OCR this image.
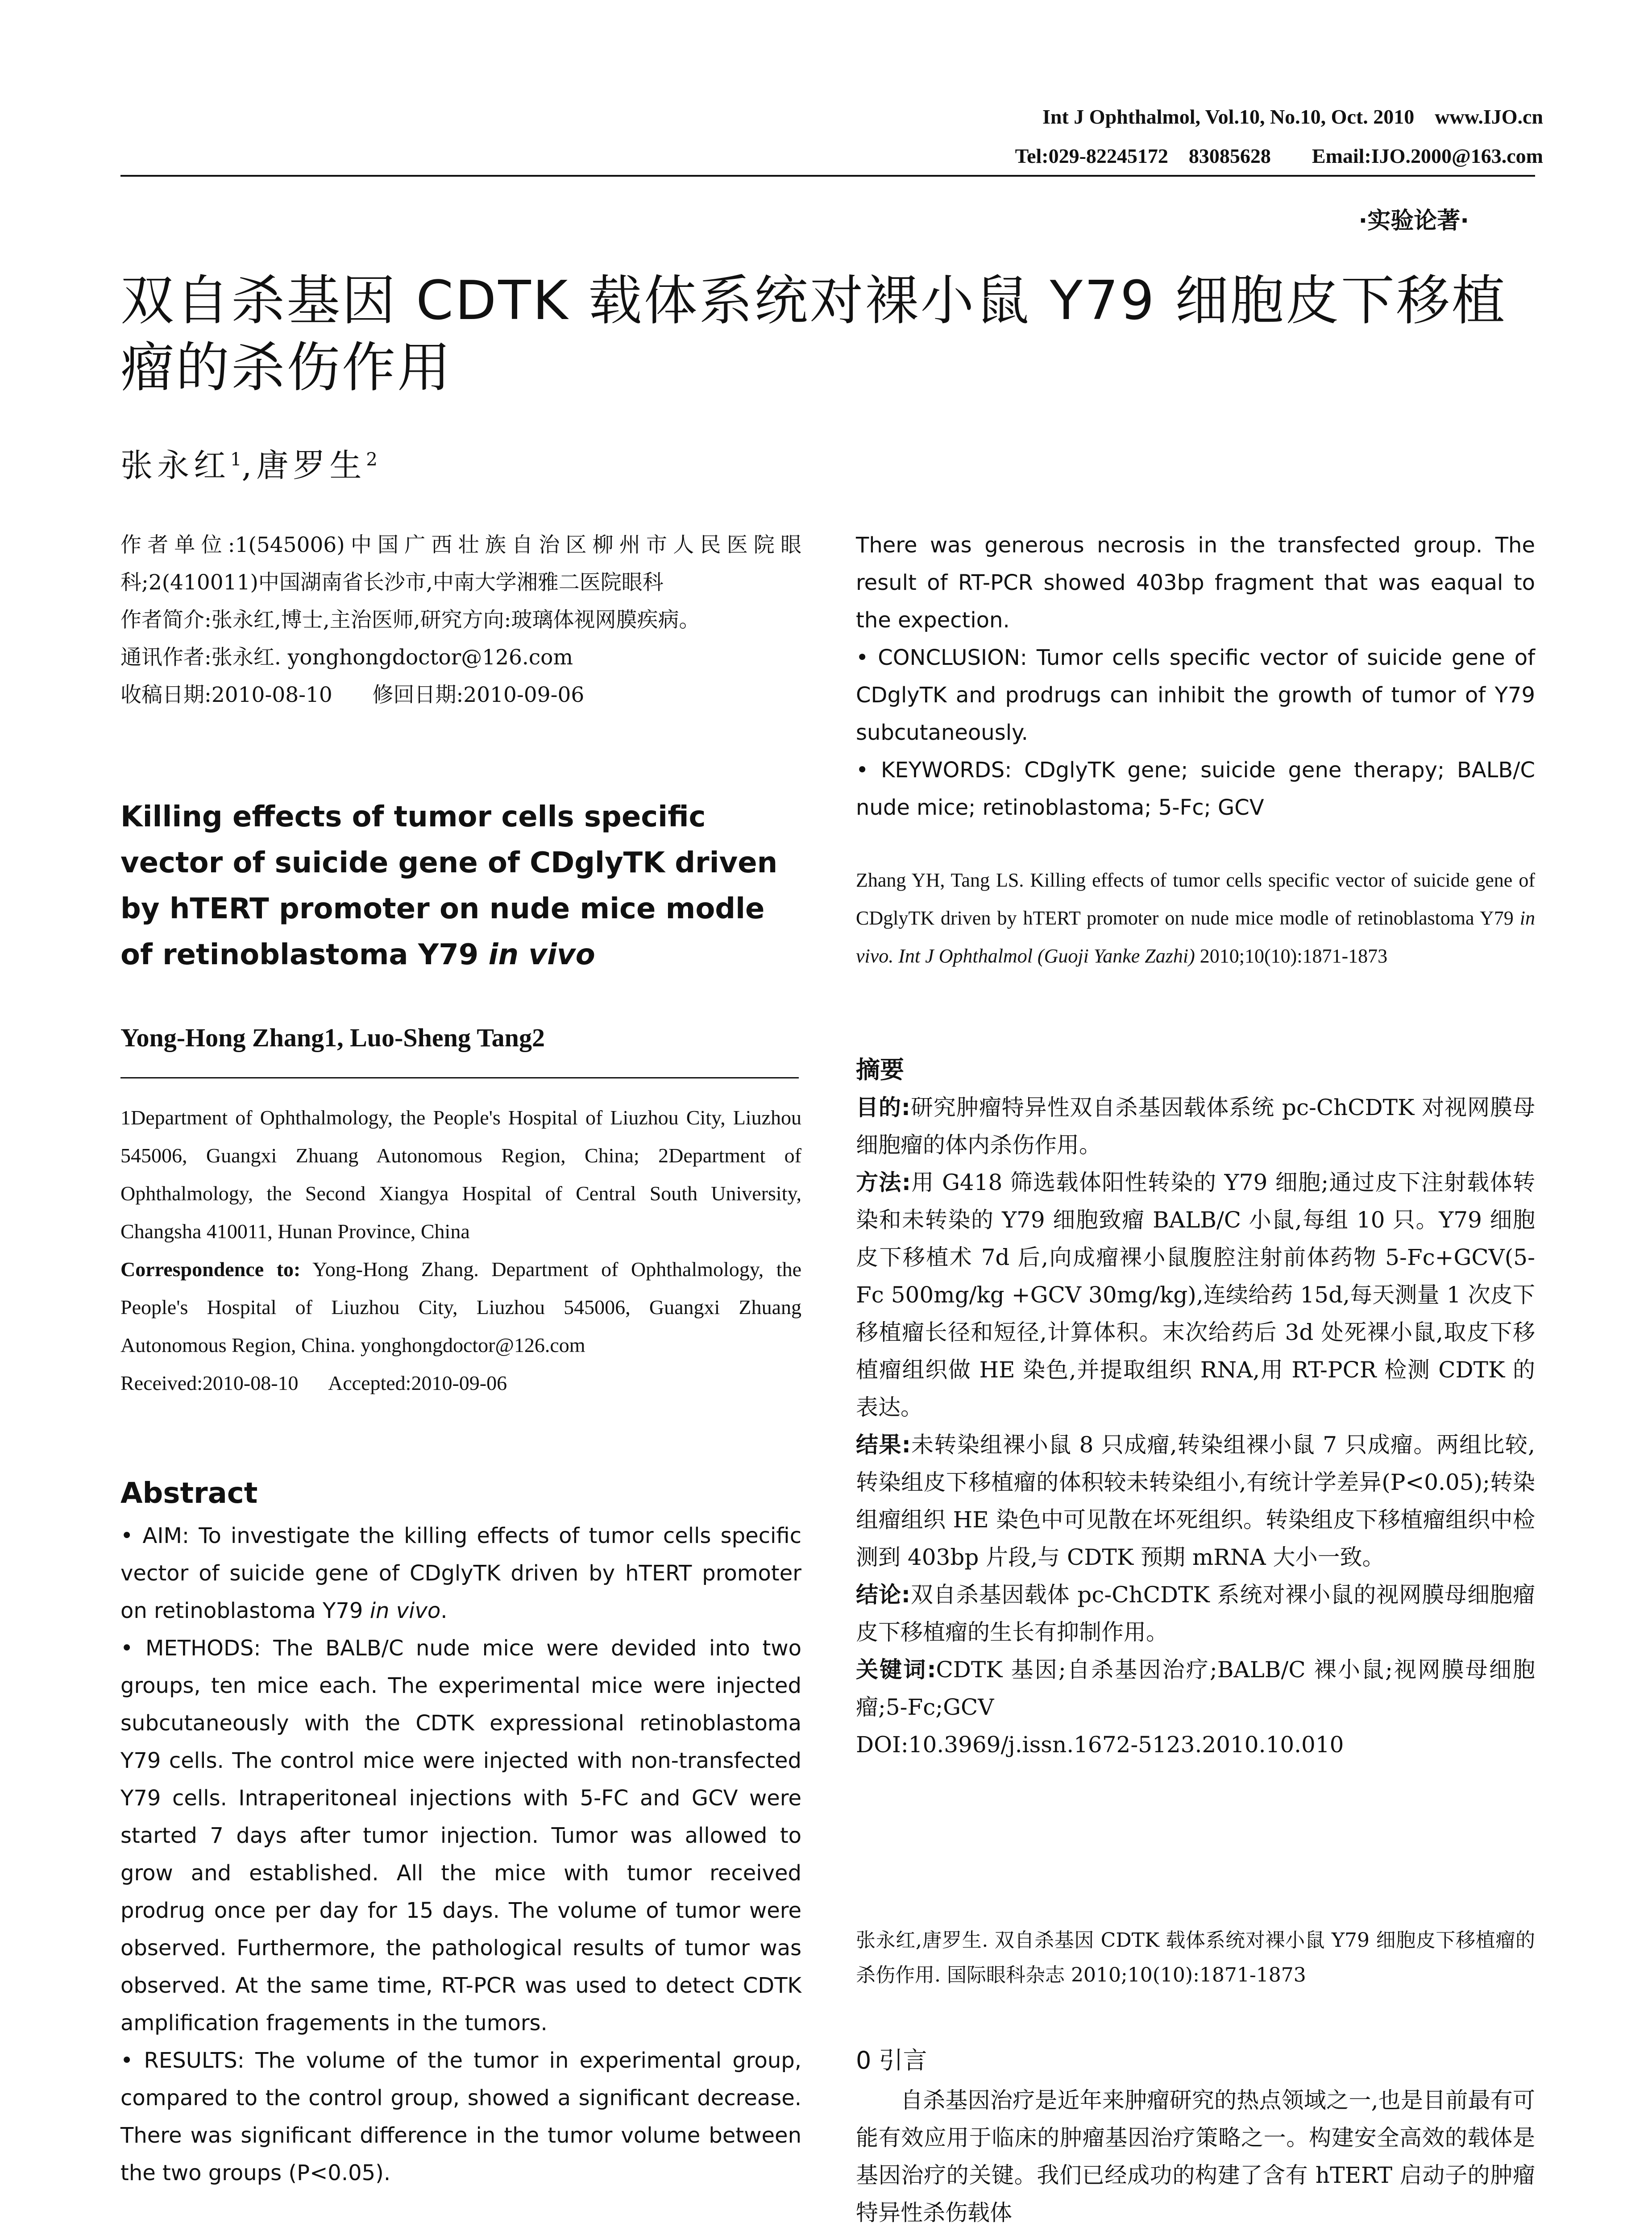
Int J Ophthalmol, Vol.10, No.10, Oct. 2010    www.IJO.cn
Tel:029-82245172    83085628        Email:IJO.2000@163.com
·实验论著·
双自杀基因 CDTK 载体系统对裸小鼠 Y79 细胞皮下移植瘤的杀伤作用
张永红$^1$,唐罗生$^2$

作者单位:1(545006)中国广西壮族自治区柳州市人民医院眼科;2(410011)中国湖南省长沙市,中南大学湘雅二医院眼科

作者简介:张永红,博士,主治医师,研究方向:玻璃体视网膜疾病。

通讯作者:张永红. yonghongdoctor@126.com

收稿日期:2010-08-10      修回日期:2010-09-06

Killing effects of tumor cells specific vector of suicide gene of CDglyTK driven by hTERT promoter on nude mice modle of retinoblastoma Y79 in vivo
Yong-Hong Zhang1, Luo-Sheng Tang2

1Department of Ophthalmology, the People's Hospital of Liuzhou City, Liuzhou 545006, Guangxi Zhuang Autonomous Region, China; 2Department of Ophthalmology, the Second Xiangya Hospital of Central South University, Changsha 410011, Hunan Province, China

Correspondence to: Yong-Hong Zhang. Department of Ophthalmology, the People's Hospital of Liuzhou City, Liuzhou 545006, Guangxi Zhuang Autonomous Region, China. yonghongdoctor@126.com

Received:2010-08-10      Accepted:2010-09-06

Abstract

• AIM: To investigate the killing effects of tumor cells specific vector of suicide gene of CDglyTK driven by hTERT promoter on retinoblastoma Y79 in vivo.

• METHODS: The BALB/C nude mice were devided into two groups, ten mice each. The experimental mice were injected subcutaneously with the CDTK expressional retinoblastoma Y79 cells. The control mice were injected with non-transfected Y79 cells. Intraperitoneal injections with 5-FC and GCV were started 7 days after tumor injection. Tumor was allowed to grow and established. All the mice with tumor received prodrug once per day for 15 days. The volume of tumor were observed. Furthermore, the pathological results of tumor was observed. At the same time, RT-PCR was used to detect CDTK amplification fragements in the tumors.

• RESULTS: The volume of the tumor in experimental group, compared to the control group, showed a significant decrease. There was significant difference in the tumor volume between the two groups (P<0.05).

There was generous necrosis in the transfected group. The result of RT-PCR showed 403bp fragment that was eaqual to the expection.

• CONCLUSION: Tumor cells specific vector of suicide gene of CDglyTK and prodrugs can inhibit the growth of tumor of Y79 subcutaneously.

• KEYWORDS: CDglyTK gene; suicide gene therapy; BALB/C nude mice; retinoblastoma; 5-Fc; GCV

Zhang YH, Tang LS. Killing effects of tumor cells specific vector of suicide gene of CDglyTK driven by hTERT promoter on nude mice modle of retinoblastoma Y79 in vivo. Int J Ophthalmol (Guoji Yanke Zazhi) 2010;10(10):1871-1873
摘要

目的:研究肿瘤特异性双自杀基因载体系统 pc-ChCDTK 对视网膜母细胞瘤的体内杀伤作用。

方法:用 G418 筛选载体阳性转染的 Y79 细胞;通过皮下注射载体转染和未转染的 Y79 细胞致瘤 BALB/C 小鼠,每组 10 只。Y79 细胞皮下移植术 7d 后,向成瘤裸小鼠腹腔注射前体药物 5-Fc+GCV(5-Fc 500mg/kg +GCV 30mg/kg),连续给药 15d,每天测量 1 次皮下移植瘤长径和短径,计算体积。末次给药后 3d 处死裸小鼠,取皮下移植瘤组织做 HE 染色,并提取组织 RNA,用 RT-PCR 检测 CDTK 的表达。

结果:未转染组裸小鼠 8 只成瘤,转染组裸小鼠 7 只成瘤。两组比较,转染组皮下移植瘤的体积较未转染组小,有统计学差异(P<0.05);转染组瘤组织 HE 染色中可见散在坏死组织。转染组皮下移植瘤组织中检测到 403bp 片段,与 CDTK 预期 mRNA 大小一致。

结论:双自杀基因载体 pc-ChCDTK 系统对裸小鼠的视网膜母细胞瘤皮下移植瘤的生长有抑制作用。

关键词:CDTK 基因;自杀基因治疗;BALB/C 裸小鼠;视网膜母细胞瘤;5-Fc;GCV

DOI:10.3969/j.issn.1672-5123.2010.10.010

张永红,唐罗生. 双自杀基因 CDTK 载体系统对裸小鼠 Y79 细胞皮下移植瘤的杀伤作用. 国际眼科杂志 2010;10(10):1871-1873
0 引言
自杀基因治疗是近年来肿瘤研究的热点领域之一,也是目前最有可能有效应用于临床的肿瘤基因治疗策略之一。构建安全高效的载体是基因治疗的关键。我们已经成功的构建了含有 hTERT 启动子的肿瘤特异性杀伤载体
